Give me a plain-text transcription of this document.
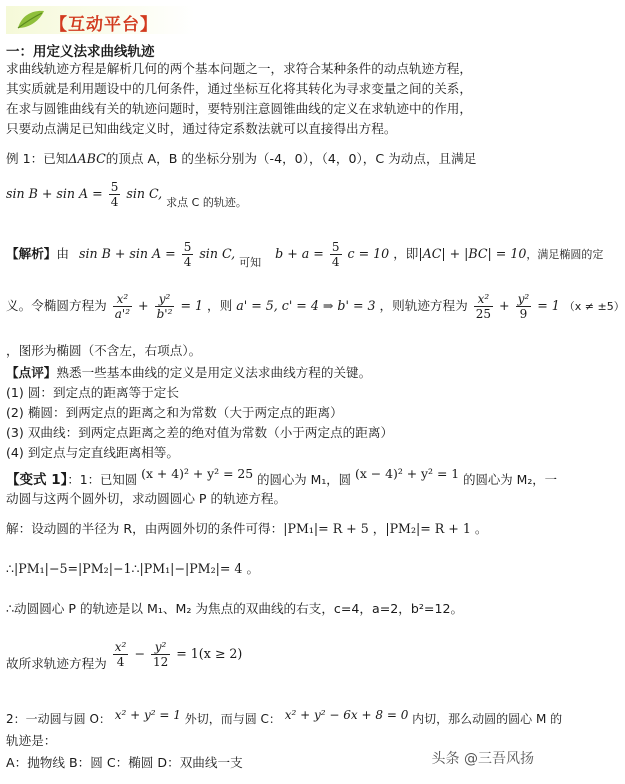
【互动平台】
一：用定义法求曲线轨迹
求曲线轨迹方程是解析几何的两个基本问题之一，求符合某种条件的动点轨迹方程，
其实质就是利用题设中的几何条件，通过坐标互化将其转化为寻求变量之间的关系，
在求与圆锥曲线有关的轨迹问题时，要特别注意圆锥曲线的定义在求轨迹中的作用，
只要动点满足已知曲线定义时，通过待定系数法就可以直接得出方程。
例 1：已知ΔABC的顶点 A，B 的坐标分别为（-4，0），（4，0），C 为动点，且满足
$\sin B + \sin A = \frac{5}{4}$ sin C, 求点 C 的轨迹。
【解析】由 $\sin B + \sin A = \frac{5}{4}$ sin C, 可知 $b + a = \frac{5}{4}$ c = 10 ，即|AC| + |BC| = 10，满足椭圆的定
义。令椭圆方程为 $\frac{\text{x²}}{\text{a'²}} + \frac{\text{y²}}{\text{b'²}} = 1$ ，则 a' = 5, c' = 4 ⇒ b' = 3 ，则轨迹方程为 $\frac{\text{x²}}{25} + \frac{\text{y²}}{9} = 1$ （x ≠ ±5）
，图形为椭圆（不含左，右项点）。
【点评】熟悉一些基本曲线的定义是用定义法求曲线方程的关键。
(1) 圆：到定点的距离等于定长
(2) 椭圆：到两定点的距离之和为常数（大于两定点的距离）
(3) 双曲线：到两定点距离之差的绝对值为常数（小于两定点的距离）
(4) 到定点与定直线距离相等。
【变式 1】：1：已知圆 (x + 4)² + y² = 25 的圆心为 M₁，圆 (x − 4)² + y² = 1 的圆心为 M₂，一
动圆与这两个圆外切，求动圆圆心 P 的轨迹方程。
解：设动圆的半径为 R，由两圆外切的条件可得：|PM₁|= R + 5 ，|PM₂|= R + 1 。
∴|PM₁|−5=|PM₂|−1∴|PM₁|−|PM₂|= 4 。
∴动圆圆心 P 的轨迹是以 M₁、M₂ 为焦点的双曲线的右支，c=4，a=2，b²=12。
故所求轨迹方程为 $\frac{\text{x²}}{4} - \frac{\text{y²}}{12} = 1(x \ge 2)$
2：一动圆与圆 O： x² + y² = 1 外切，而与圆 C： x² + y² − 6x + 8 = 0 内切，那么动圆的圆心 M 的
轨迹是：
A：抛物线 B：圆 C：椭圆 D：双曲线一支	头条 @三吾风扬
